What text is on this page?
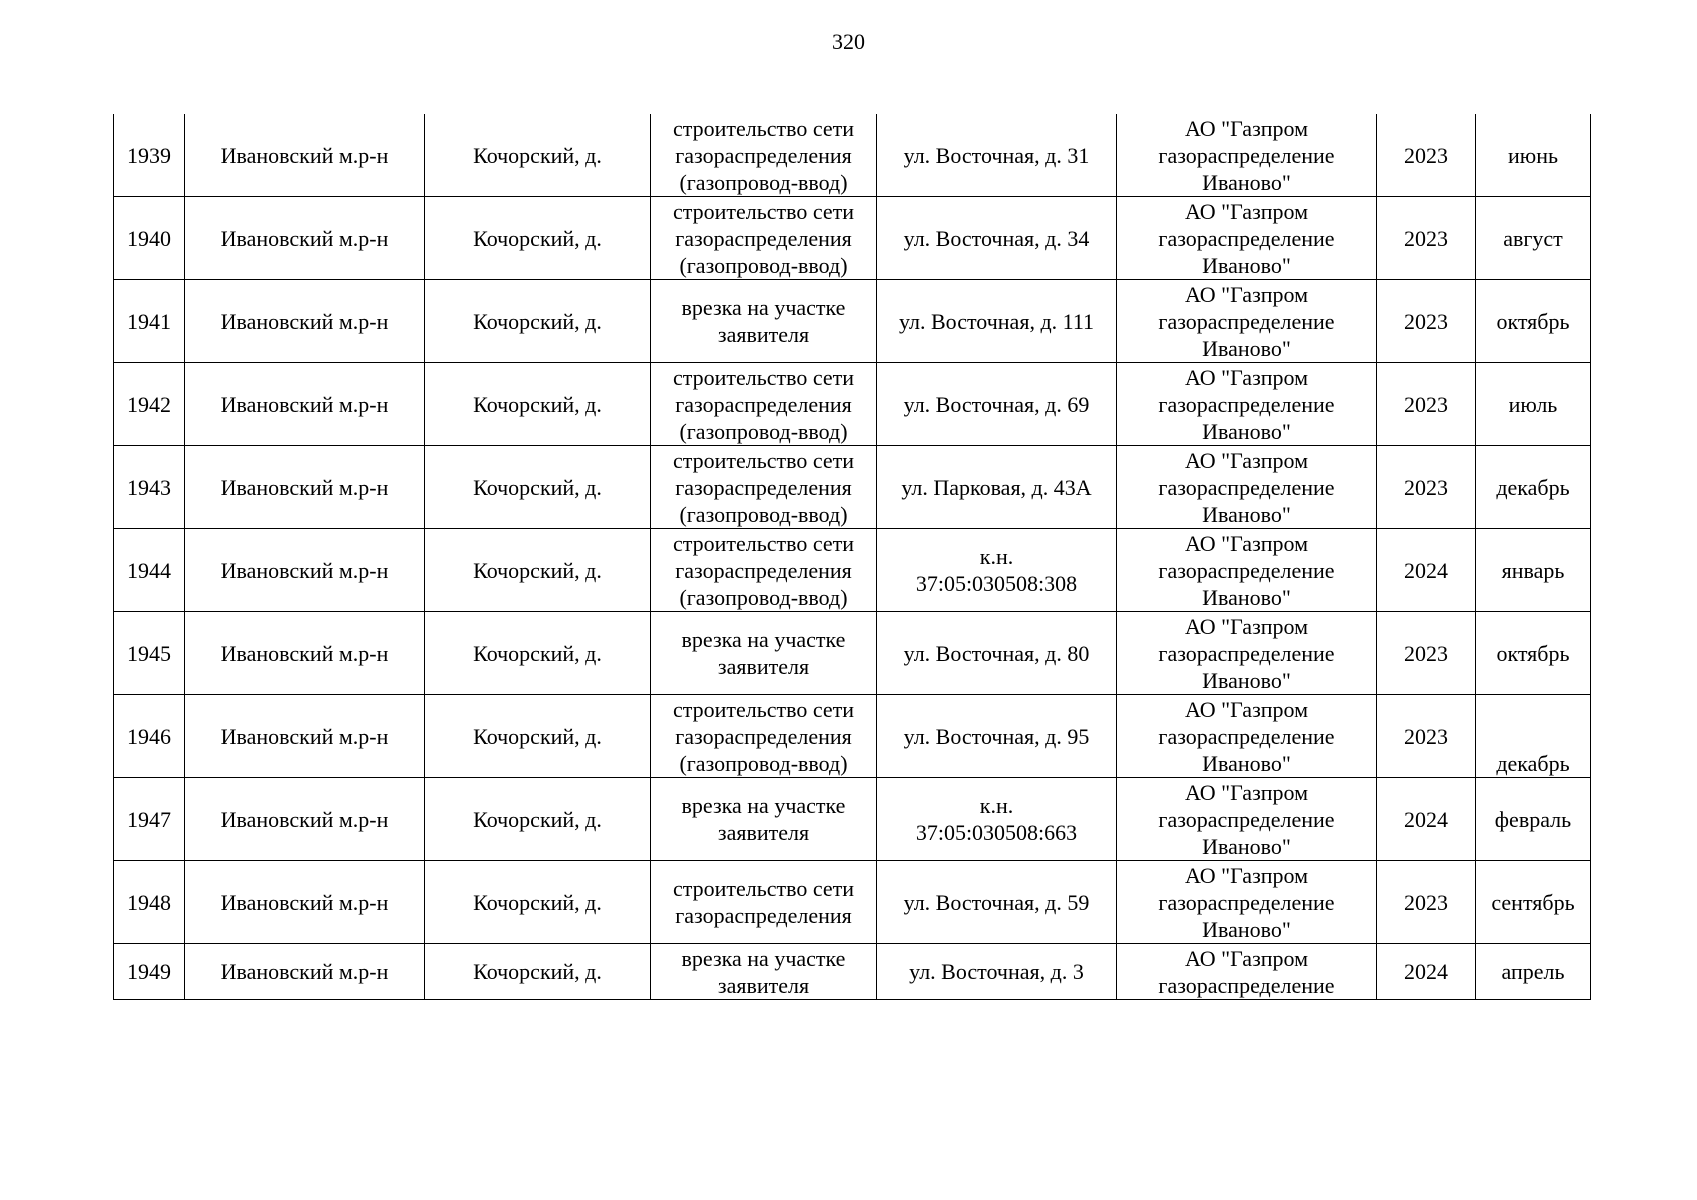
320
1939	Ивановский м.р-н	Кочорский, д.	строительство сети
газораспределения
(газопровод-ввод)	ул. Восточная, д. 31	АО "Газпром
газораспределение
Иваново"	2023	июнь
1940	Ивановский м.р-н	Кочорский, д.	строительство сети
газораспределения
(газопровод-ввод)	ул. Восточная, д. 34	АО "Газпром
газораспределение
Иваново"	2023	август
1941	Ивановский м.р-н	Кочорский, д.	врезка на участке
заявителя	ул. Восточная, д. 111	АО "Газпром
газораспределение
Иваново"	2023	октябрь
1942	Ивановский м.р-н	Кочорский, д.	строительство сети
газораспределения
(газопровод-ввод)	ул. Восточная, д. 69	АО "Газпром
газораспределение
Иваново"	2023	июль
1943	Ивановский м.р-н	Кочорский, д.	строительство сети
газораспределения
(газопровод-ввод)	ул. Парковая, д. 43А	АО "Газпром
газораспределение
Иваново"	2023	декабрь
1944	Ивановский м.р-н	Кочорский, д.	строительство сети
газораспределения
(газопровод-ввод)	к.н.
37:05:030508:308	АО "Газпром
газораспределение
Иваново"	2024	январь
1945	Ивановский м.р-н	Кочорский, д.	врезка на участке
заявителя	ул. Восточная, д. 80	АО "Газпром
газораспределение
Иваново"	2023	октябрь
1946	Ивановский м.р-н	Кочорский, д.	строительство сети
газораспределения
(газопровод-ввод)	ул. Восточная, д. 95	АО "Газпром
газораспределение
Иваново"	2023	декабрь
1947	Ивановский м.р-н	Кочорский, д.	врезка на участке
заявителя	к.н.
37:05:030508:663	АО "Газпром
газораспределение
Иваново"	2024	февраль
1948	Ивановский м.р-н	Кочорский, д.	строительство сети
газораспределения	ул. Восточная, д. 59	АО "Газпром
газораспределение
Иваново"	2023	сентябрь
1949	Ивановский м.р-н	Кочорский, д.	врезка на участке
заявителя	ул. Восточная, д. 3	АО "Газпром
газораспределение	2024	апрель
